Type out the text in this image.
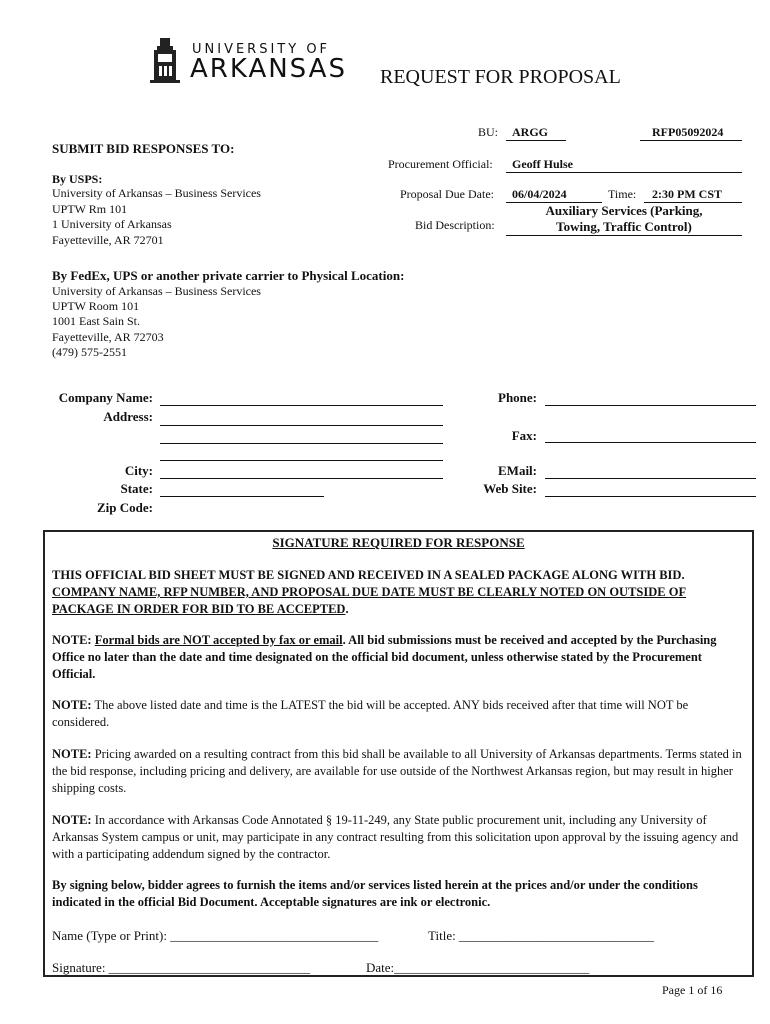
UNIVERSITY OF
ARKANSAS REQUEST FOR PROPOSAL
SUBMIT BID RESPONSES TO:
By USPS:
University of Arkansas – Business Services
UPTW Rm 101
1 University of Arkansas
Fayetteville, AR 72701
By FedEx, UPS or another private carrier to Physical Location:
University of Arkansas – Business Services
UPTW Room 101
1001 East Sain St.
Fayetteville, AR 72703
(479) 575-2551
BU:	ARGG	RFP05092024
Procurement Official:	Geoff Hulse
Proposal Due Date:	06/04/2024	Time:	2:30 PM CST
Bid Description:
Auxiliary Services (Parking,
Towing, Traffic Control)
Company Name:
Address:
City:
State:
Zip Code:
Phone:
Fax:
EMail:
Web Site:
SIGNATURE REQUIRED FOR RESPONSE
THIS OFFICIAL BID SHEET MUST BE SIGNED AND RECEIVED IN A SEALED PACKAGE ALONG WITH BID. COMPANY NAME, RFP NUMBER, AND PROPOSAL DUE DATE MUST BE CLEARLY NOTED ON OUTSIDE OF PACKAGE IN ORDER FOR BID TO BE ACCEPTED.
NOTE: Formal bids are NOT accepted by fax or email. All bid submissions must be received and accepted by the Purchasing Office no later than the date and time designated on the official bid document, unless otherwise stated by the Procurement Official.
NOTE: The above listed date and time is the LATEST the bid will be accepted. ANY bids received after that time will NOT be considered.
NOTE: Pricing awarded on a resulting contract from this bid shall be available to all University of Arkansas departments. Terms stated in the bid response, including pricing and delivery, are available for use outside of the Northwest Arkansas region, but may result in higher shipping costs.
NOTE: In accordance with Arkansas Code Annotated § 19-11-249, any State public procurement unit, including any University of Arkansas System campus or unit, may participate in any contract resulting from this solicitation upon approval by the issuing agency and with a participating addendum signed by the contractor.
By signing below, bidder agrees to furnish the items and/or services listed herein at the prices and/or under the conditions indicated in the official Bid Document. Acceptable signatures are ink or electronic.
Name (Type or Print): ________________________________	Title: ______________________________
Signature: _______________________________	Date:______________________________
Page 1 of 16
